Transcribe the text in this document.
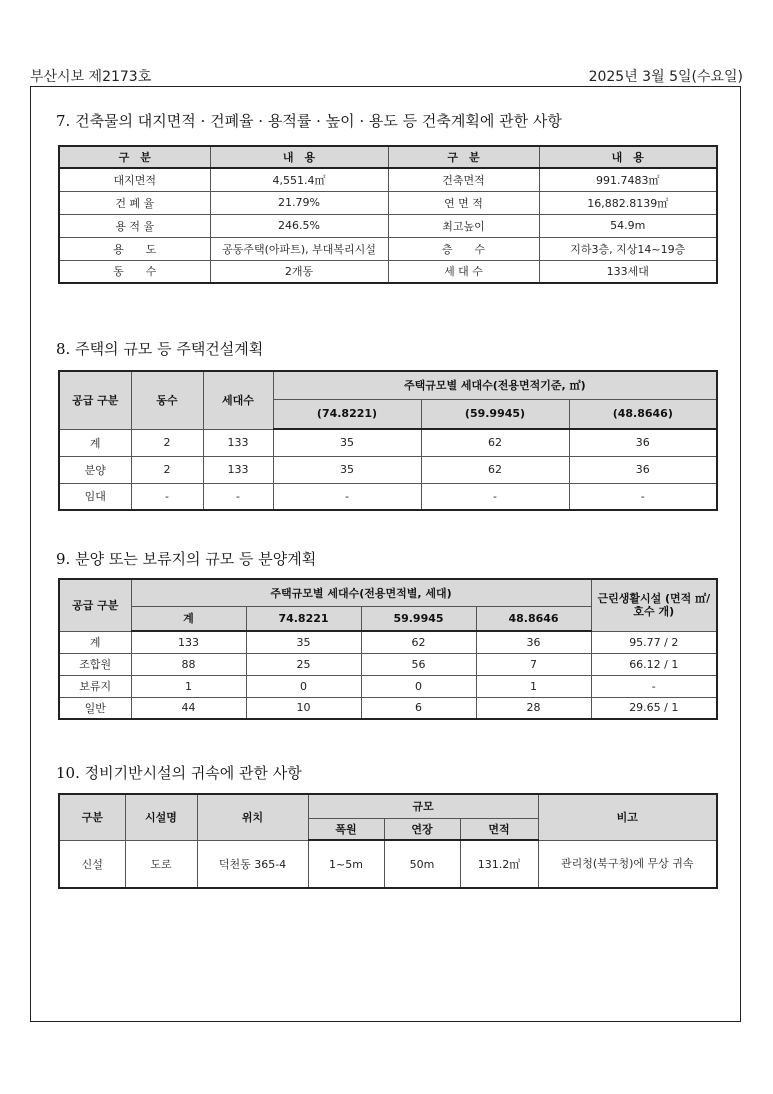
부산시보 제2173호	2025년 3월 5일(수요일)
7. 건축물의 대지면적 · 건폐율 · 용적률 · 높이 · 용도 등 건축계획에 관한 사항
구　분	내　용	구　분	내　용
대지면적	4,551.4㎡	건축면적	991.7483㎡
건 폐 율	21.79%	연 면 적	16,882.8139㎡
용 적 율	246.5%	최고높이	54.9m
용　　도	공동주택(아파트), 부대복리시설	층　　수	지하3층, 지상14~19층
동　　수	2개동	세 대 수	133세대
8. 주택의 규모 등 주택건설계획
공급 구분	동수	세대수	주택규모별 세대수(전용면적기준, ㎡)		
			(74.8221)	(59.9945)	(48.8646)
계	2	133	35	62	36
분양	2	133	35	62	36
임대	-	-	-	-	-
9. 분양 또는 보류지의 규모 등 분양계획
공급 구분	주택규모별 세대수(전용면적별, 세대)				근린생활시설 (면적 ㎡/호수 개)
	계	74.8221	59.9945	48.8646	
계	133	35	62	36	95.77 / 2
조합원	88	25	56	7	66.12 / 1
보류지	1	0	0	1	-
일반	44	10	6	28	29.65 / 1
10. 정비기반시설의 귀속에 관한 사항
구분	시설명	위치	규모			비고
			폭원	연장	면적	
신설	도로	덕천동 365-4	1~5m	50m	131.2㎡	관리청(북구청)에 무상 귀속
